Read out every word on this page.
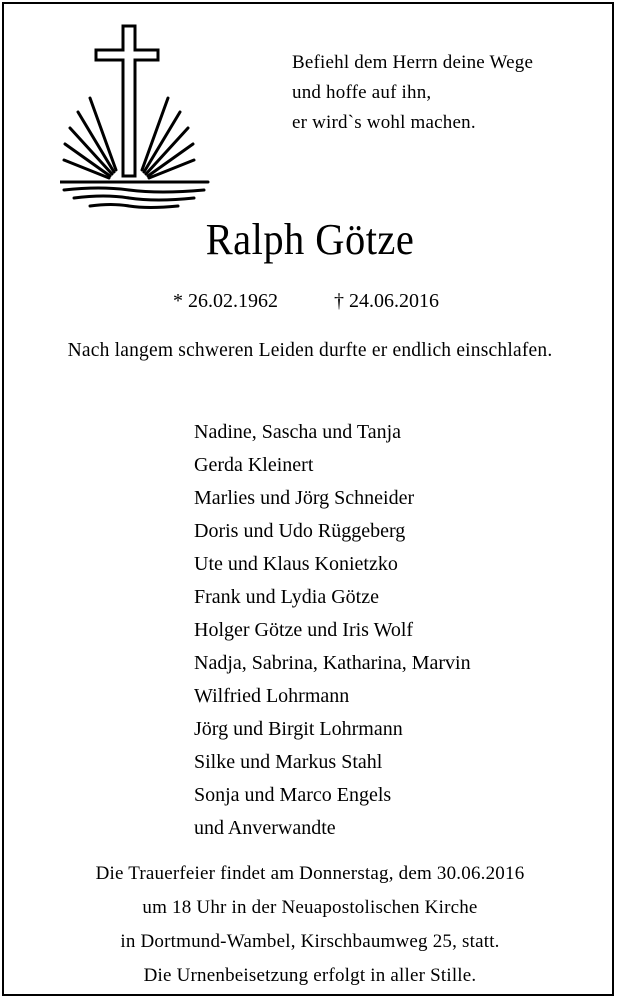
Befiehl dem Herrn deine Wege
und hoffe auf ihn,
er wird`s wohl machen.
Ralph Götze
* 26.02.1962	† 24.06.2016
Nach langem schweren Leiden durfte er endlich einschlafen.
Nadine, Sascha und Tanja
Gerda Kleinert
Marlies und Jörg Schneider
Doris und Udo Rüggeberg
Ute und Klaus Konietzko
Frank und Lydia Götze
Holger Götze und Iris Wolf
Nadja, Sabrina, Katharina, Marvin
Wilfried Lohrmann
Jörg und Birgit Lohrmann
Silke und Markus Stahl
Sonja und Marco Engels
und Anverwandte
Die Trauerfeier findet am Donnerstag, dem 30.06.2016
um 18 Uhr in der Neuapostolischen Kirche
in Dortmund-Wambel, Kirschbaumweg 25, statt.
Die Urnenbeisetzung erfolgt in aller Stille.
